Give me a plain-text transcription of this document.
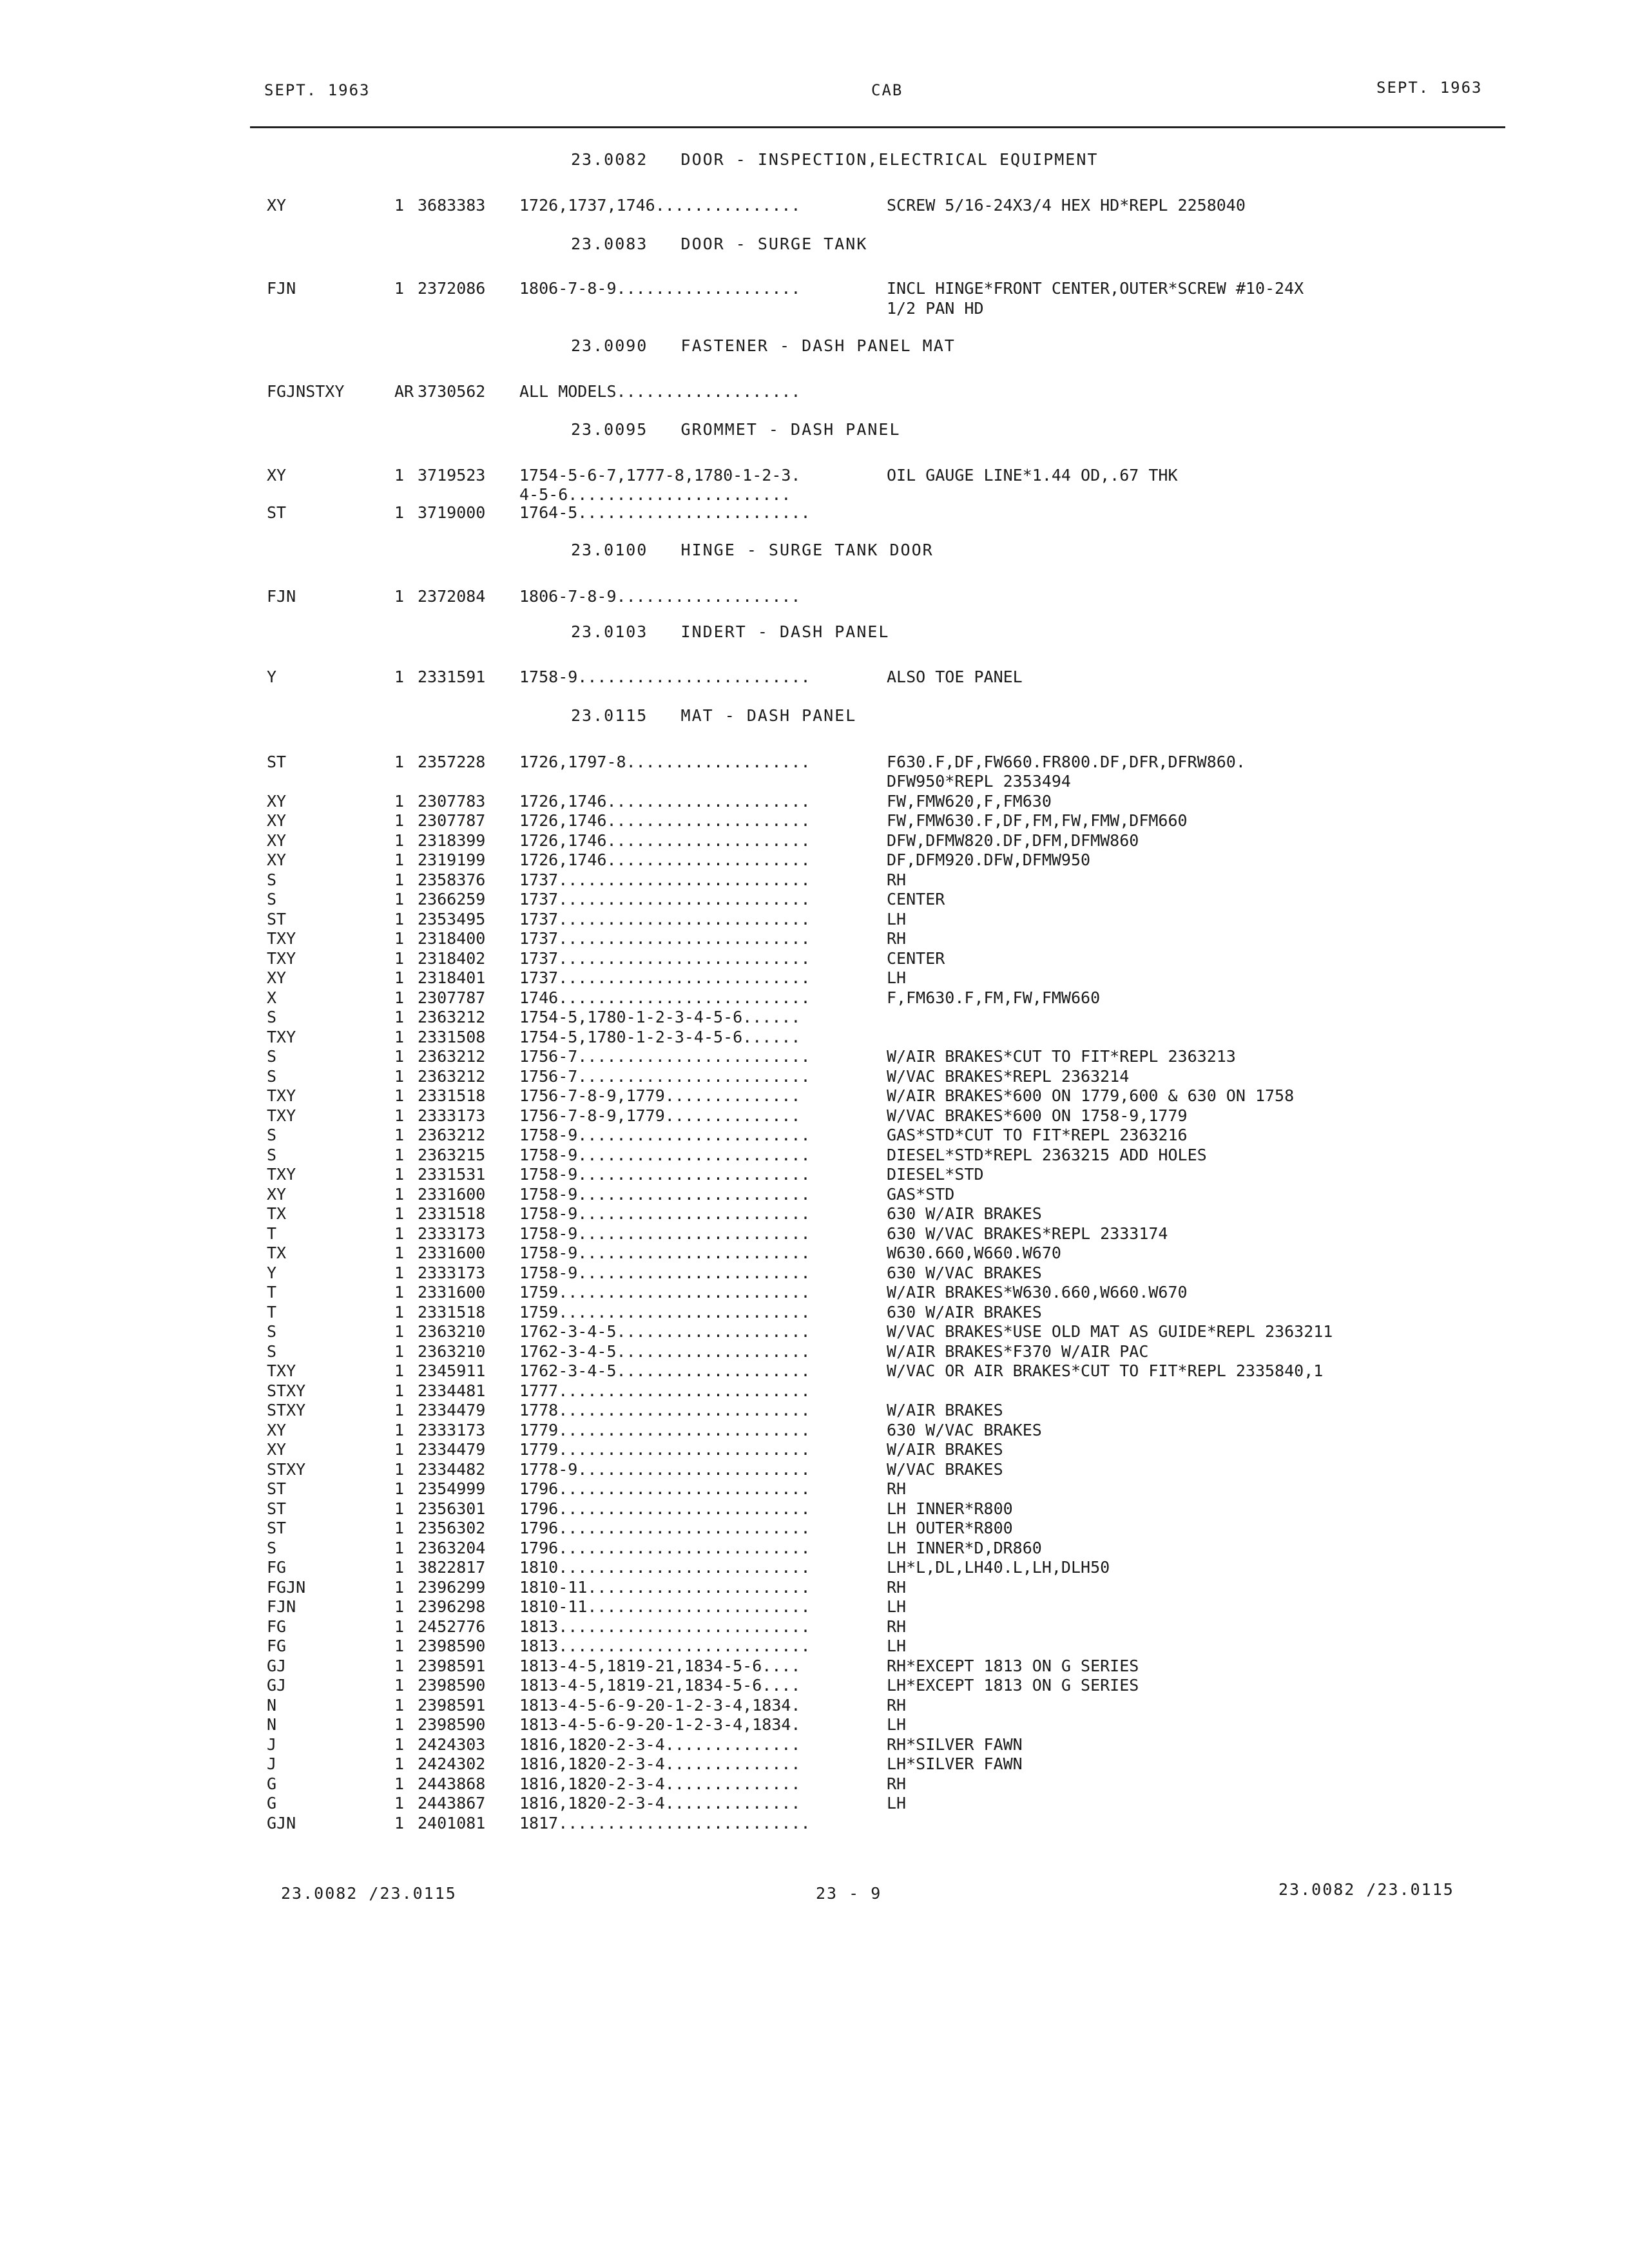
SEPT. 1963	CAB	SEPT. 1963
23.0082   DOOR - INSPECTION,ELECTRICAL EQUIPMENT
XY	1 3683383 1726,1737,1746...............	SCREW 5/16-24X3/4 HEX HD*REPL 2258040
23.0083   DOOR - SURGE TANK
FJN	1 2372086 1806-7-8-9...................	INCL HINGE*FRONT CENTER,OUTER*SCREW #10-24X
1/2 PAN HD
23.0090   FASTENER - DASH PANEL MAT
FGJNSTXY	AR 3730562 ALL MODELS...................
23.0095   GROMMET - DASH PANEL
XY	1 3719523 1754-5-6-7,1777-8,1780-1-2-3.	OIL GAUGE LINE*1.44 OD,.67 THK
4-5-6.......................
ST	1 3719000 1764-5........................
23.0100   HINGE - SURGE TANK DOOR
FJN	1 2372084 1806-7-8-9...................
23.0103   INDERT - DASH PANEL
Y	1 2331591 1758-9........................	ALSO TOE PANEL
23.0115   MAT - DASH PANEL
ST	1 2357228 1726,1797-8...................	F630.F,DF,FW660.FR800.DF,DFR,DFRW860.
DFW950*REPL 2353494
XY	1 2307783 1726,1746.....................	FW,FMW620,F,FM630
XY	1 2307787 1726,1746.....................	FW,FMW630.F,DF,FM,FW,FMW,DFM660
XY	1 2318399 1726,1746.....................	DFW,DFMW820.DF,DFM,DFMW860
XY	1 2319199 1726,1746.....................	DF,DFM920.DFW,DFMW950
S	1 2358376 1737..........................	RH
S	1 2366259 1737..........................	CENTER
ST	1 2353495 1737..........................	LH
TXY	1 2318400 1737..........................	RH
TXY	1 2318402 1737..........................	CENTER
XY	1 2318401 1737..........................	LH
X	1 2307787 1746..........................	F,FM630.F,FM,FW,FMW660
S	1 2363212 1754-5,1780-1-2-3-4-5-6......
TXY	1 2331508 1754-5,1780-1-2-3-4-5-6......
S	1 2363212 1756-7........................	W/AIR BRAKES*CUT TO FIT*REPL 2363213
S	1 2363212 1756-7........................	W/VAC BRAKES*REPL 2363214
TXY	1 2331518 1756-7-8-9,1779..............	W/AIR BRAKES*600 ON 1779,600 & 630 ON 1758
TXY	1 2333173 1756-7-8-9,1779..............	W/VAC BRAKES*600 ON 1758-9,1779
S	1 2363212 1758-9........................	GAS*STD*CUT TO FIT*REPL 2363216
S	1 2363215 1758-9........................	DIESEL*STD*REPL 2363215 ADD HOLES
TXY	1 2331531 1758-9........................	DIESEL*STD
XY	1 2331600 1758-9........................	GAS*STD
TX	1 2331518 1758-9........................	630 W/AIR BRAKES
T	1 2333173 1758-9........................	630 W/VAC BRAKES*REPL 2333174
TX	1 2331600 1758-9........................	W630.660,W660.W670
Y	1 2333173 1758-9........................	630 W/VAC BRAKES
T	1 2331600 1759..........................	W/AIR BRAKES*W630.660,W660.W670
T	1 2331518 1759..........................	630 W/AIR BRAKES
S	1 2363210 1762-3-4-5....................	W/VAC BRAKES*USE OLD MAT AS GUIDE*REPL 2363211
S	1 2363210 1762-3-4-5....................	W/AIR BRAKES*F370 W/AIR PAC
TXY	1 2345911 1762-3-4-5....................	W/VAC OR AIR BRAKES*CUT TO FIT*REPL 2335840,1
STXY	1 2334481 1777..........................
STXY	1 2334479 1778..........................	W/AIR BRAKES
XY	1 2333173 1779..........................	630 W/VAC BRAKES
XY	1 2334479 1779..........................	W/AIR BRAKES
STXY	1 2334482 1778-9........................	W/VAC BRAKES
ST	1 2354999 1796..........................	RH
ST	1 2356301 1796..........................	LH INNER*R800
ST	1 2356302 1796..........................	LH OUTER*R800
S	1 2363204 1796..........................	LH INNER*D,DR860
FG	1 3822817 1810..........................	LH*L,DL,LH40.L,LH,DLH50
FGJN	1 2396299 1810-11.......................	RH
FJN	1 2396298 1810-11.......................	LH
FG	1 2452776 1813..........................	RH
FG	1 2398590 1813..........................	LH
GJ	1 2398591 1813-4-5,1819-21,1834-5-6....	RH*EXCEPT 1813 ON G SERIES
GJ	1 2398590 1813-4-5,1819-21,1834-5-6....	LH*EXCEPT 1813 ON G SERIES
N	1 2398591 1813-4-5-6-9-20-1-2-3-4,1834.	RH
N	1 2398590 1813-4-5-6-9-20-1-2-3-4,1834.	LH
J	1 2424303 1816,1820-2-3-4..............	RH*SILVER FAWN
J	1 2424302 1816,1820-2-3-4..............	LH*SILVER FAWN
G	1 2443868 1816,1820-2-3-4..............	RH
G	1 2443867 1816,1820-2-3-4..............	LH
GJN	1 2401081 1817..........................
23.0082 /23.0115	23 - 9	23.0082 /23.0115
